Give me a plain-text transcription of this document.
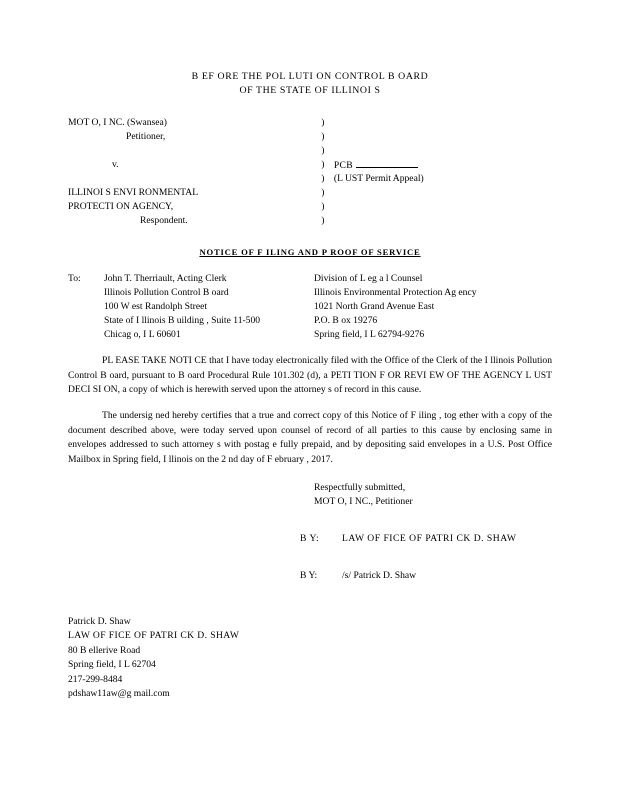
B EF ORE THE POL LUTI ON CONTROL B OARD
OF THE STATE OF ILLINOI S
MOT O, I NC. (Swansea)	)	
Petitioner,	)	
	)	
v.	)	PCB
	)	(L UST Permit Appeal)
ILLINOI S ENVI RONMENTAL	)	
PROTECTI ON AGENCY,	)	
Respondent.	)	
NOTICE OF F ILING AND P ROOF OF SERVICE
To:	John T. Therriault, Acting Clerk	Division of L eg a l Counsel
	Illinois Pollution Control B oard	Illinois Environmental Protection Ag ency
	100 W est Randolph Street	1021 North Grand Avenue East
	State of I llinois B uilding , Suite 11-500	P.O. B ox 19276
	Chicag o, I L 60601	Spring field, I L 62794-9276

PL EASE TAKE NOTI CE that I have today electronically filed with the Office of the Clerk of the I llinois Pollution Control B oard, pursuant to B oard Procedural Rule 101.302 (d), a PETI TION F OR REVI EW OF THE AGENCY L UST DECI SI ON, a copy of which is herewith served upon the attorney s of record in this cause.

The undersig ned hereby certifies that a true and correct copy of this Notice of F iling , tog ether with a copy of the document described above, were today served upon counsel of record of all parties to this cause by enclosing same in envelopes addressed to such attorney s with postag e fully prepaid, and by depositing said envelopes in a U.S. Post Office Mailbox in Spring field, I llinois on the 2 nd day of F ebruary , 2017.

Respectfully submitted,
MOT O, I NC., Petitioner
B Y: LAW OF FICE OF PATRI CK D. SHAW
B Y:	/s/ Patrick D. Shaw
Patrick D. Shaw
LAW OF FICE OF PATRI CK D. SHAW
80 B ellerive Road
Spring field, I L 62704
217-299-8484
pdshaw11aw@g mail.com
